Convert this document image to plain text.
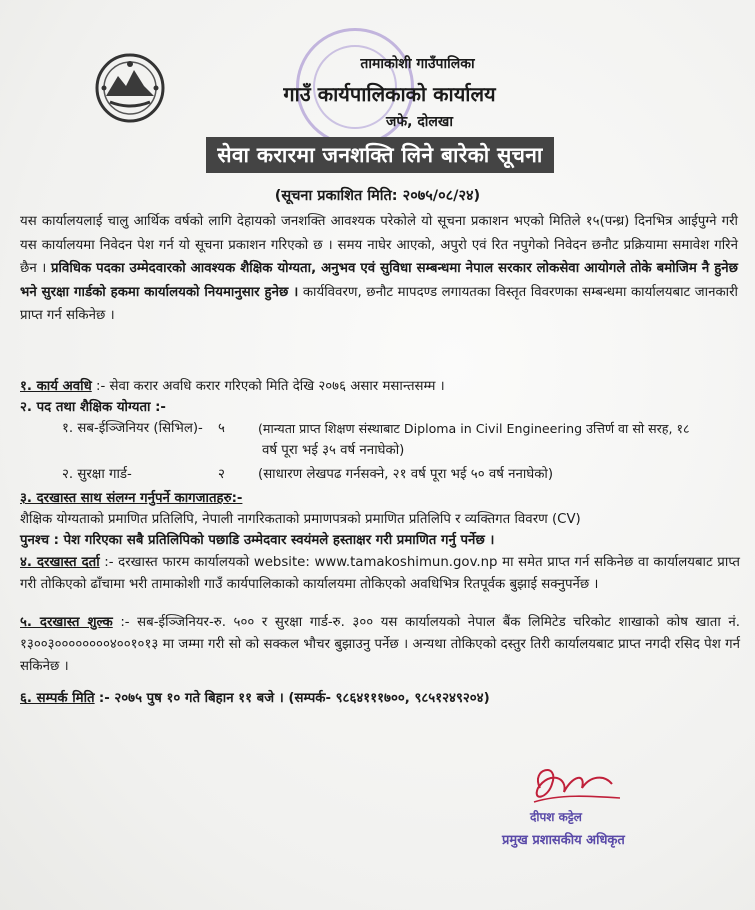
तामाकोशी गाउँपालिका
गाउँ कार्यपालिकाको कार्यालय
जफे, दोलखा
सेवा करारमा जनशक्ति लिने बारेको सूचना
(सूचना प्रकाशित मिति: २०७५/०८/२४)
यस कार्यालयलाई चालु आर्थिक वर्षको लागि देहायको जनशक्ति आवश्यक परेकोले यो सूचना प्रकाशन भएको मितिले १५(पन्ध्र) दिनभित्र आईपुग्ने गरी यस कार्यालयमा निवेदन पेश गर्न यो सूचना प्रकाशन गरिएको छ । समय नाघेर आएको, अपुरो एवं रित नपुगेको निवेदन छनौट प्रक्रियामा समावेश गरिने छैन । प्रविधिक पदका उम्मेदवारको आवश्यक शैक्षिक योग्यता, अनुभव एवं सुविधा सम्बन्धमा नेपाल सरकार लोकसेवा आयोगले तोके बमोजिम नै हुनेछ भने सुरक्षा गार्डको हकमा कार्यालयको नियमानुसार हुनेछ । कार्यविवरण, छनौट मापदण्ड लगायतका विस्तृत विवरणका सम्बन्धमा कार्यालयबाट जानकारी प्राप्त गर्न सकिनेछ ।
१. कार्य अवधि :- सेवा करार अवधि करार गरिएको मिति देखि २०७६ असार मसान्तसम्म ।
२. पद तथा शैक्षिक योग्यता :-
१. सब-ईञ्जिनियर (सिभिल)- ५	(मान्यता प्राप्त शिक्षण संस्थाबाट Diploma in Civil Engineering उत्तिर्ण वा सो सरह, १८
वर्ष पूरा भई ३५ वर्ष ननाघेको)
२. सुरक्षा गार्ड-	२ (साधारण लेखपढ गर्नसक्ने, २१ वर्ष पूरा भई ५० वर्ष ननाघेको)
३. दरखास्त साथ संलग्न गर्नुपर्ने कागजातहरु:-
शैक्षिक योग्यताको प्रमाणित प्रतिलिपि, नेपाली नागरिकताको प्रमाणपत्रको प्रमाणित प्रतिलिपि र व्यक्तिगत विवरण (CV)
पुनश्च : पेश गरिएका सबै प्रतिलिपिको पछाडि उम्मेदवार स्वयंमले हस्ताक्षर गरी प्रमाणित गर्नु पर्नेछ ।
४. दरखास्त दर्ता :- दरखास्त फारम कार्यालयको website: www.tamakoshimun.gov.np मा समेत प्राप्त गर्न सकिनेछ वा कार्यालयबाट प्राप्त गरी तोकिएको ढाँचामा भरी तामाकोशी गाउँ कार्यपालिकाको कार्यालयमा तोकिएको अवधिभित्र रितपूर्वक बुझाई सक्नुपर्नेछ ।
५. दरखास्त शुल्क :- सब-ईञ्जिनियर-रु. ५०० र सुरक्षा गार्ड-रु. ३०० यस कार्यालयको नेपाल बैंक लिमिटेड चरिकोट शाखाको कोष खाता नं. १३००३००००००००४००१०१३ मा जम्मा गरी सो को सक्कल भौचर बुझाउनु पर्नेछ । अन्यथा तोकिएको दस्तुर तिरी कार्यालयबाट प्राप्त नगदी रसिद पेश गर्न सकिनेछ ।
६. सम्पर्क मिति :- २०७५ पुष १० गते बिहान ११ बजे । (सम्पर्क- ९८६४१११७००, ९८५१२४९२०४)
दीपश कट्टेल
प्रमुख प्रशासकीय अधिकृत
